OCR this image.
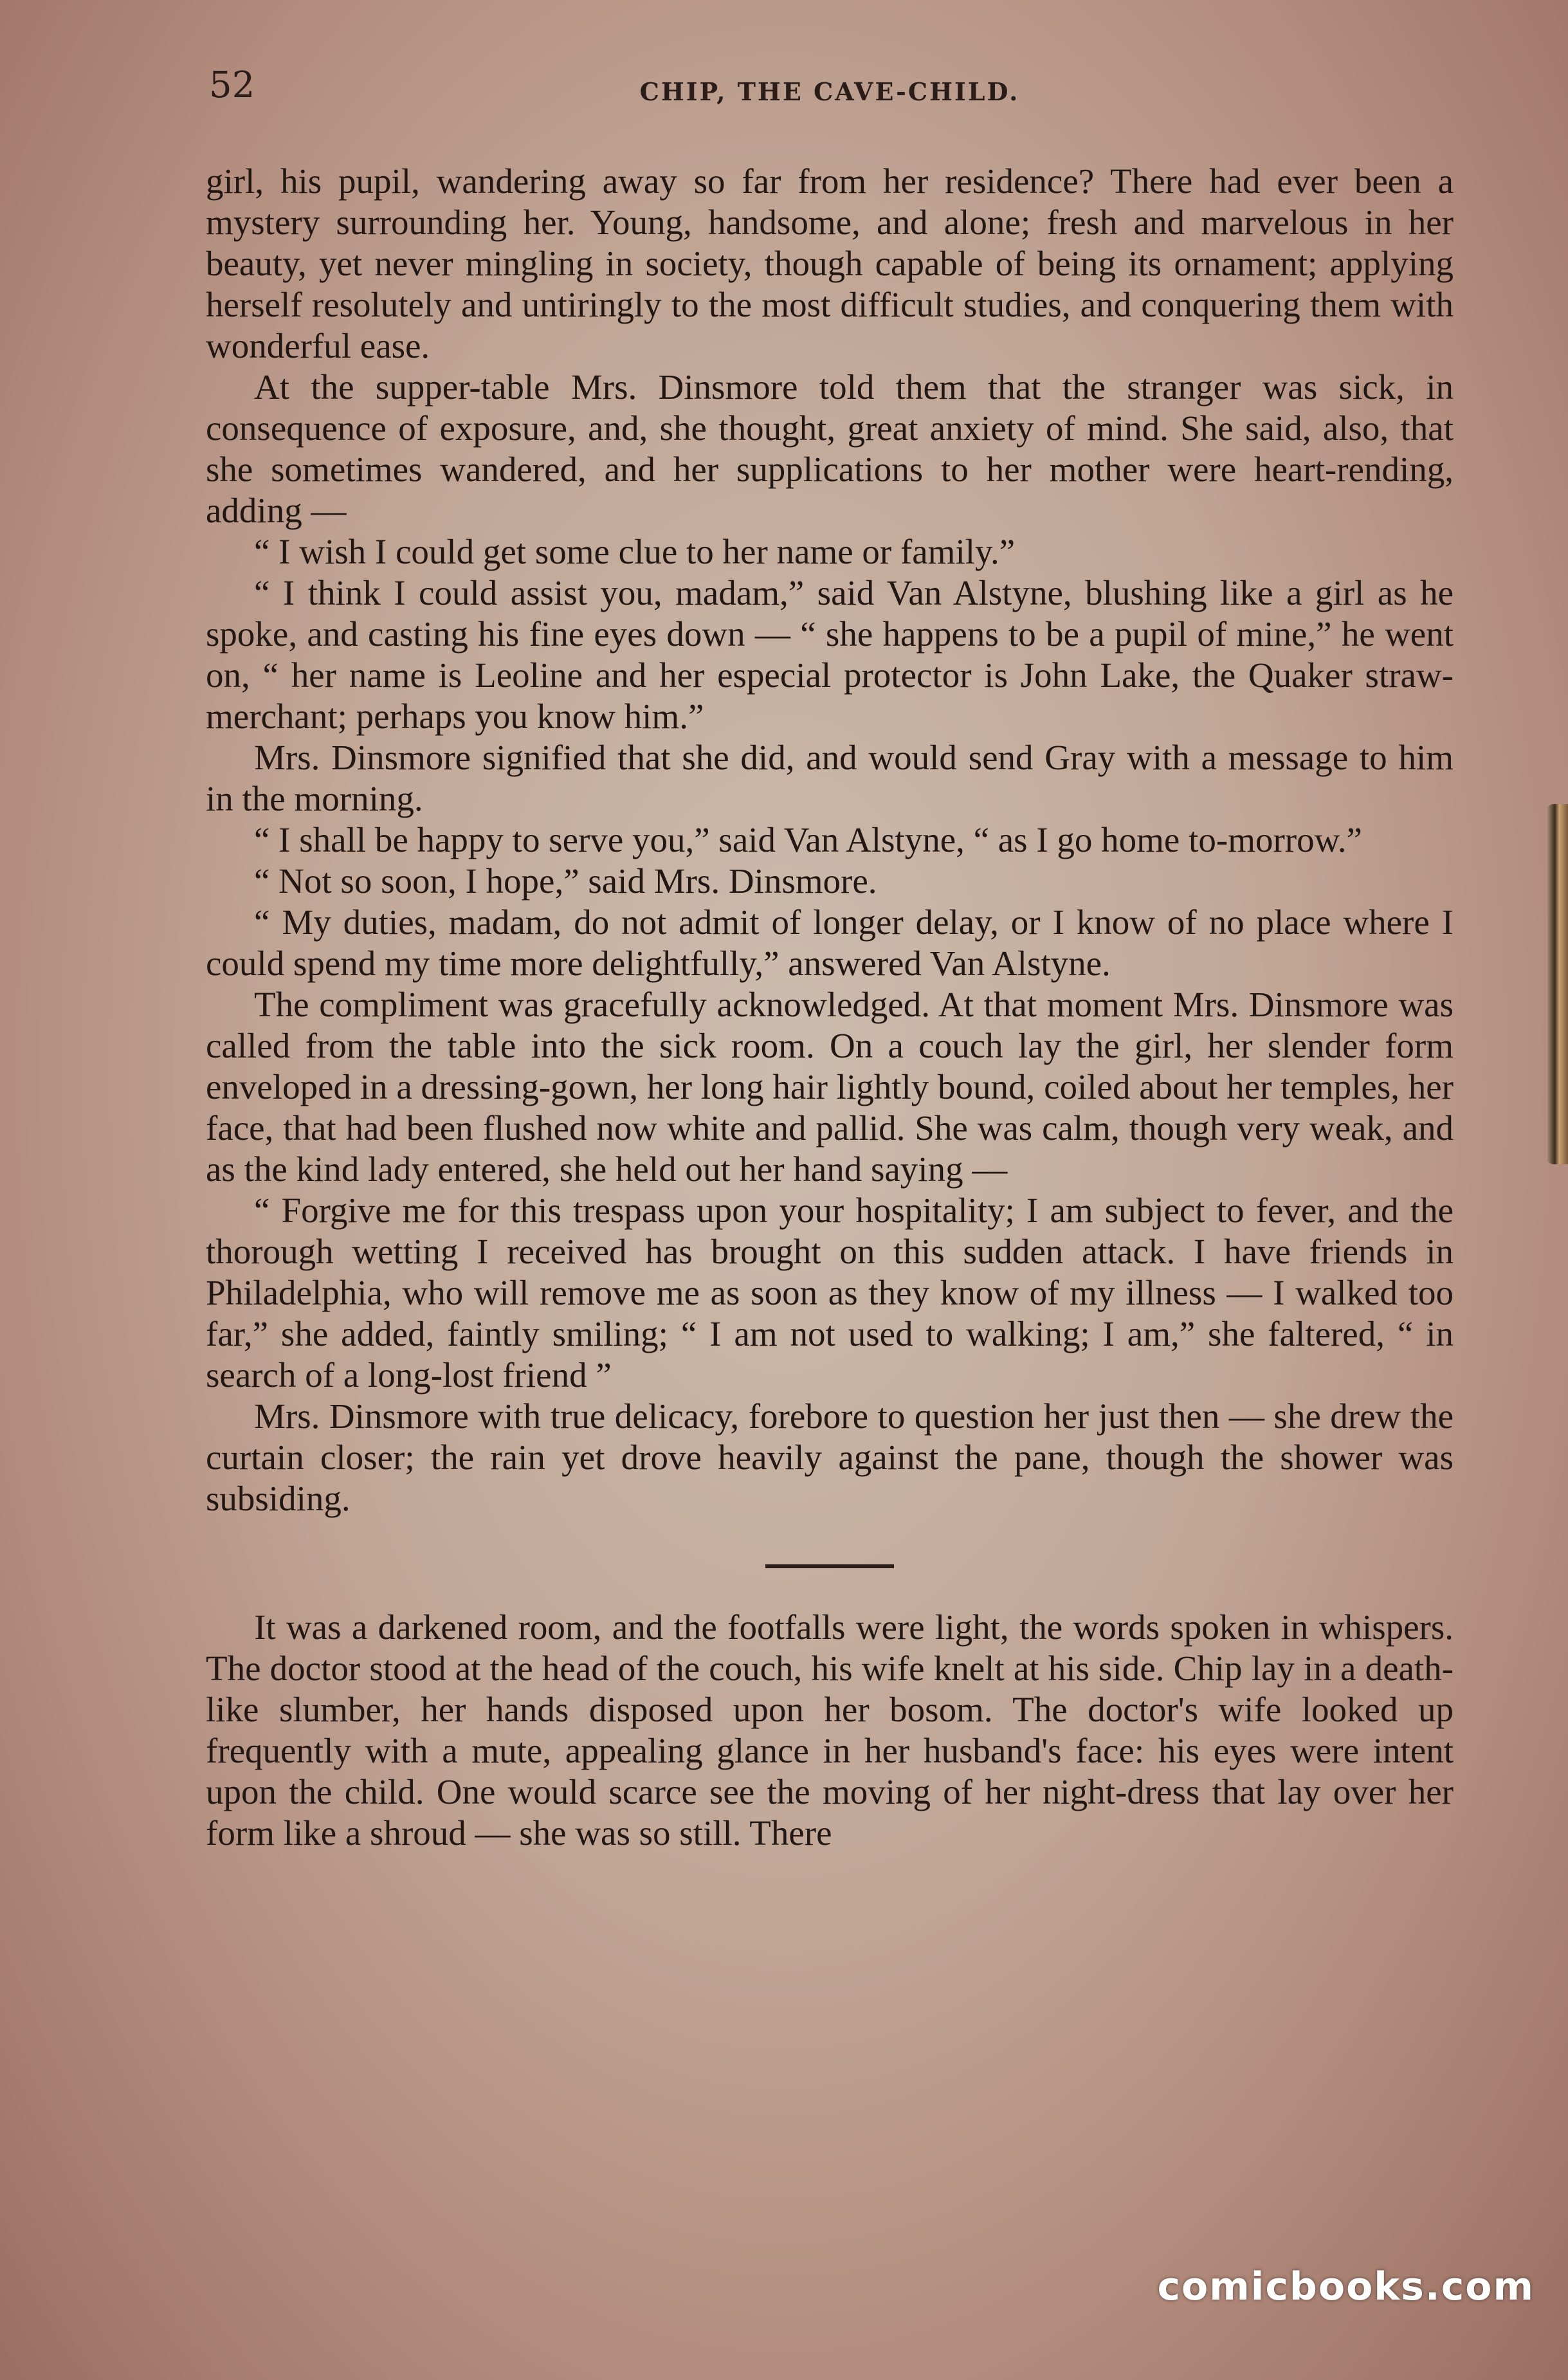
52	CHIP, THE CAVE-CHILD.

girl, his pupil, wandering away so far from her residence? There had ever been a mystery surrounding her. Young, handsome, and alone; fresh and marvelous in her beauty, yet never mingling in society, though capable of being its ornament; applying herself resolutely and untiringly to the most difficult studies, and conquering them with wonderful ease.

At the supper-table Mrs. Dinsmore told them that the stranger was sick, in consequence of exposure, and, she thought, great anxiety of mind. She said, also, that she sometimes wandered, and her supplications to her mother were heart-rending, adding —

“ I wish I could get some clue to her name or family.”

“ I think I could assist you, madam,” said Van Alstyne, blushing like a girl as he spoke, and casting his fine eyes down — “ she happens to be a pupil of mine,” he went on, “ her name is Leoline and her especial protector is John Lake, the Quaker straw-merchant; perhaps you know him.”

Mrs. Dinsmore signified that she did, and would send Gray with a message to him in the morning.

“ I shall be happy to serve you,” said Van Alstyne, “ as I go home to-morrow.”

“ Not so soon, I hope,” said Mrs. Dinsmore.

“ My duties, madam, do not admit of longer delay, or I know of no place where I could spend my time more delightfully,” answered Van Alstyne.

The compliment was gracefully acknowledged. At that moment Mrs. Dinsmore was called from the table into the sick room. On a couch lay the girl, her slender form enveloped in a dressing-gown, her long hair lightly bound, coiled about her temples, her face, that had been flushed now white and pallid. She was calm, though very weak, and as the kind lady entered, she held out her hand saying —

“ Forgive me for this trespass upon your hospitality; I am subject to fever, and the thorough wetting I received has brought on this sudden attack. I have friends in Philadelphia, who will remove me as soon as they know of my illness — I walked too far,” she added, faintly smiling; “ I am not used to walking; I am,” she faltered, “ in search of a long-lost friend ”

Mrs. Dinsmore with true delicacy, forebore to question her just then — she drew the curtain closer; the rain yet drove heavily against the pane, though the shower was subsiding.

It was a darkened room, and the footfalls were light, the words spoken in whispers. The doctor stood at the head of the couch, his wife knelt at his side. Chip lay in a death-like slumber, her hands disposed upon her bosom. The doctor's wife looked up frequently with a mute, appealing glance in her husband's face: his eyes were intent upon the child. One would scarce see the moving of her night-dress that lay over her form like a shroud — she was so still. There

comicbooks.com
